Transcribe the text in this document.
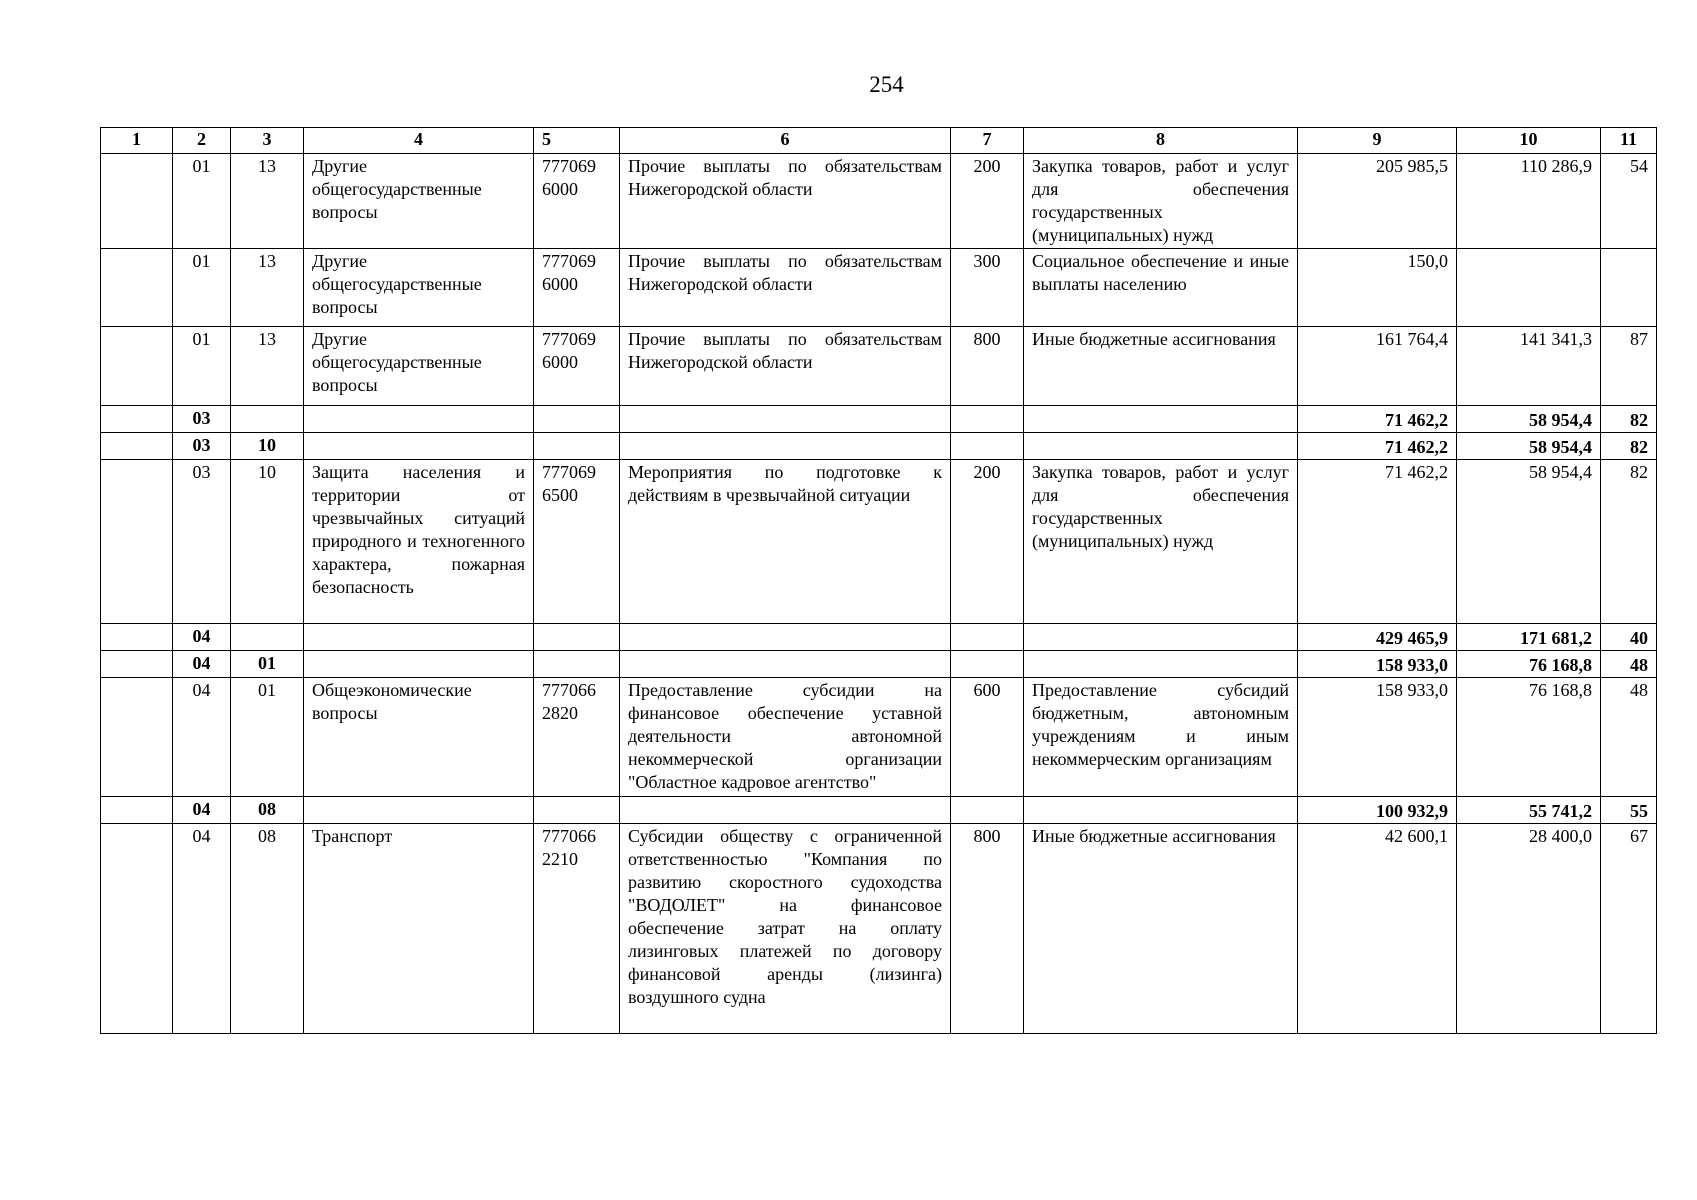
254
1	2	3	4	5	6	7	8	9	10	11
	01	13	Другие общегосударственные вопросы	777069 6000	Прочие выплаты по обязательствам Нижегородской области	200	Закупка товаров, работ и услуг для обеспечения государственных (муниципальных) нужд	205 985,5	110 286,9	54
	01	13	Другие общегосударственные вопросы	777069 6000	Прочие выплаты по обязательствам Нижегородской области	300	Социальное обеспечение и иные выплаты населению	150,0		
	01	13	Другие общегосударственные вопросы	777069 6000	Прочие выплаты по обязательствам Нижегородской области	800	Иные бюджетные ассигнования	161 764,4	141 341,3	87
	03							71 462,2	58 954,4	82
	03	10						71 462,2	58 954,4	82
	03	10	Защита населения и территории от чрезвычайных ситуаций природного и техногенного характера, пожарная безопасность	777069 6500	Мероприятия по подготовке к действиям в чрезвычайной ситуации	200	Закупка товаров, работ и услуг для обеспечения государственных (муниципальных) нужд	71 462,2	58 954,4	82
	04							429 465,9	171 681,2	40
	04	01						158 933,0	76 168,8	48
	04	01	Общеэкономические вопросы	777066 2820	Предоставление субсидии на финансовое обеспечение уставной деятельности автономной некоммерческой организации "Областное кадровое агентство"	600	Предоставление субсидий бюджетным, автономным учреждениям и иным некоммерческим организациям	158 933,0	76 168,8	48
	04	08						100 932,9	55 741,2	55
	04	08	Транспорт	777066 2210	Субсидии обществу с ограниченной ответственностью "Компания по развитию скоростного судоходства "ВОДОЛЕТ" на финансовое обеспечение затрат на оплату лизинговых платежей по договору финансовой аренды (лизинга) воздушного судна	800	Иные бюджетные ассигнования	42 600,1	28 400,0	67
